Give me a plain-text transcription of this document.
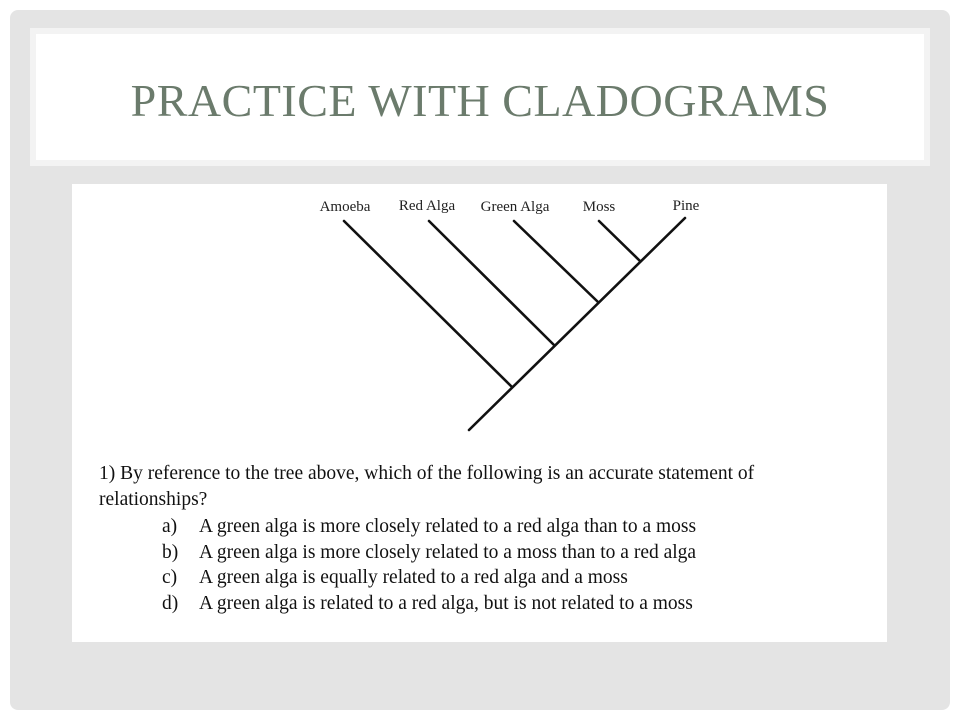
PRACTICE WITH CLADOGRAMS
Amoeba Red Alga Green Alga Moss	Pine
1) By reference to the tree above, which of the following is an accurate statement of
relationships?
a) A green alga is more closely related to a red alga than to a moss
b) A green alga is more closely related to a moss than to a red alga
c) A green alga is equally related to a red alga and a moss
d) A green alga is related to a red alga, but is not related to a moss
